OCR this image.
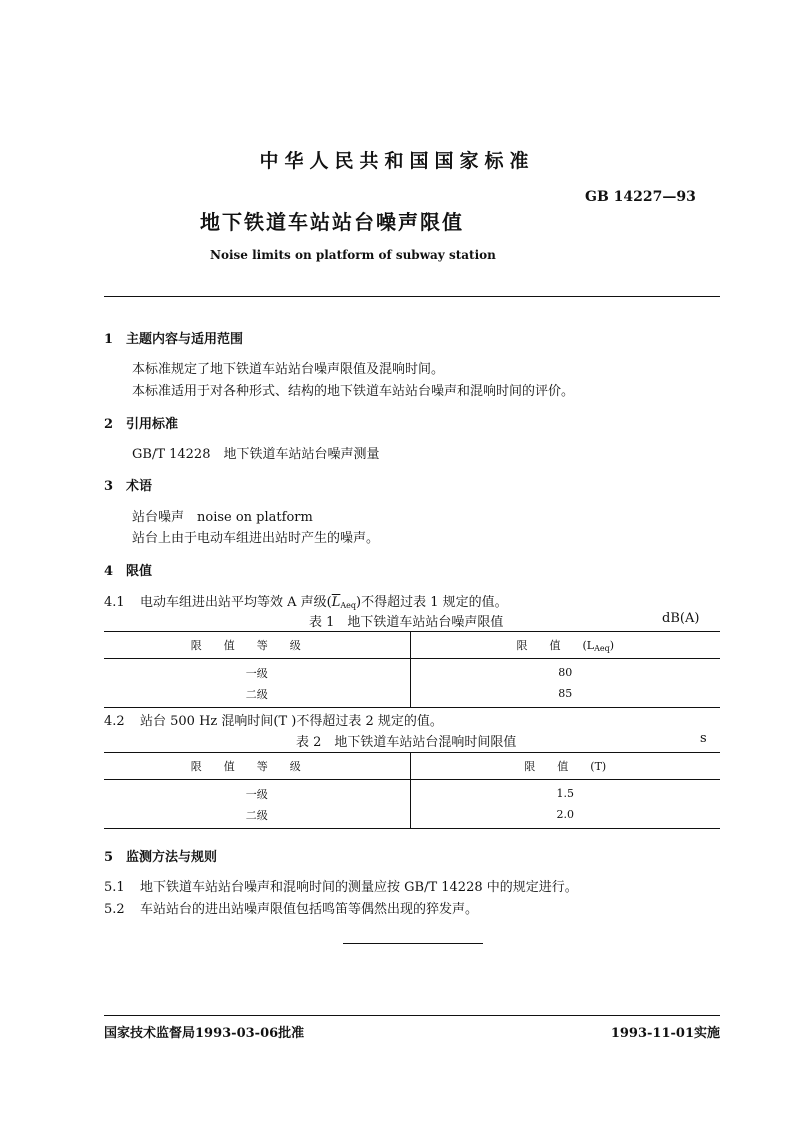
中华人民共和国国家标准
GB 14227—93
地下铁道车站站台噪声限值
Noise limits on platform of subway station
1 主题内容与适用范围
本标准规定了地下铁道车站站台噪声限值及混响时间。
本标准适用于对各种形式、结构的地下铁道车站站台噪声和混响时间的评价。
2 引用标准
GB/T 14228　地下铁道车站站台噪声测量
3 术语
站台噪声　noise on platform
站台上由于电动车组进出站时产生的噪声。
4 限值
4.1 电动车组进出站平均等效 A 声级$(\overline{L}Aeq)$不得超过表 1 规定的值。
表 1　地下铁道车站站台噪声限值	dB(A)
限值等级	限　　值　　(LAeq)
一级	80
二级	85
4.2 站台 500 Hz 混响时间(T )不得超过表 2 规定的值。
表 2　地下铁道车站站台混响时间限值	s
限值等级	限　　值　　(T)
一级	1.5
二级	2.0
5 监测方法与规则
5.1 地下铁道车站站台噪声和混响时间的测量应按 GB/T 14228 中的规定进行。
5.2 车站站台的进出站噪声限值包括鸣笛等偶然出现的猝发声。
国家技术监督局1993-03-06批准	1993-11-01实施
